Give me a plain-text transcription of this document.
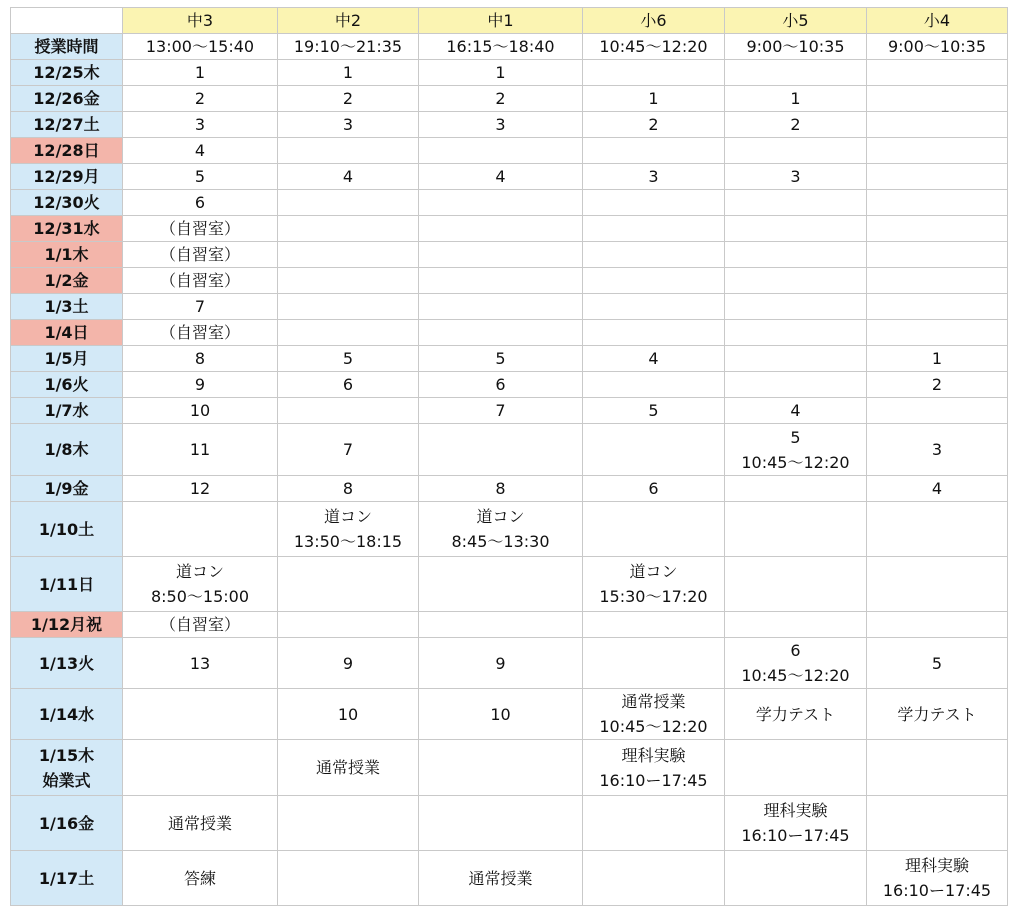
	中3	中2	中1	小6	小5	小4
授業時間	13:00〜15:40	19:10〜21:35	16:15〜18:40	10:45〜12:20	9:00〜10:35	9:00〜10:35

12/25木	1	1	1			

12/26金	2	2	2	1	1	

12/27土	3	3	3	2	2	

12/28日	4					

12/29月	5	4	4	3	3	

12/30火	6					

12/31水	（自習室）					

1/1木	（自習室）					

1/2金	（自習室）					

1/3土	7					

1/4日	（自習室）					

1/5月	8	5	5	4		1

1/6火	9	6	6			2

1/7水	10		7	5	4	

1/8木	11	7			5
10:45〜12:20	3

1/9金	12	8	8	6		4

1/10土		道コン
13:50〜18:15	道コン
8:45〜13:30			

1/11日	道コン
8:50〜15:00			道コン
15:30〜17:20		

1/12月祝	（自習室）					

1/13火	13	9	9		6
10:45〜12:20	5

1/14水		10	10	通常授業
10:45〜12:20	学力テスト	学力テスト

1/15木
始業式		通常授業		理科実験
16:10ー17:45		

1/16金	通常授業				理科実験
16:10ー17:45	

1/17土	答練		通常授業			理科実験
16:10ー17:45
